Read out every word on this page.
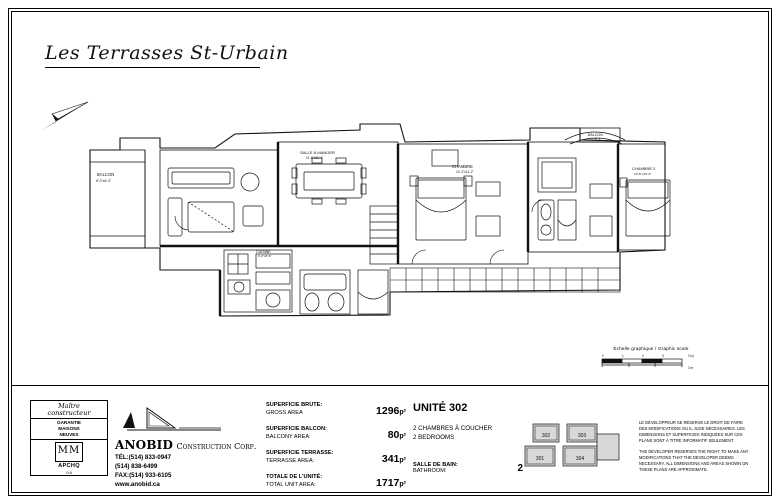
Les Terrasses St-Urbain
BALCON
6'-0"x6'-4"
SALLE À MANGER
11'-6"x11'-4"
CHAMBRE
14'-2"x11'-2"
CHAMBRE 2
10'-6"x10'-4"
BALCON
6'-0"x6'-4"
CUISINE
9'-0"x8'-6"
Échelle graphique / Graphic scale
0	1	2	3	10 p
3 m
Maître
constructeur
GARANTIE
MAISONS
NEUVES
MM
APCHQ
0.8
ANOBID Construction Corp.
TÉL:(514) 833-0947
(514) 838-6499
FAX:(514) 933-6105
www.anobid.ca
SUPERFICIE BRUTE:
GROSS AREA	1296p²
SUPERFICIE BALCON:
BALCONY AREA:	80p²
SUPERFICIE TERRASSE:
TERRASSE AREA:	341p²
TOTALE DE L'UNITÉ:
TOTAL UNIT AREA:	1717p²
UNITÉ 302
2 CHAMBRES À COUCHER
2 BEDROOMS
SALLE DE BAIN:
BATHROOM:	2
302	303
301	304
LE DÉVELOPPEUR SE RÉSERVE LE DROIT DE FAIRE DES MODIFICATIONS OU IL JUGE NÉCESSAIRES. LES DIMENSIONS ET SUPERFICIES INDIQUÉES SUR CES PLANS SONT À TITRE INFORMATIF SEULEMENT.
THE DEVELOPER RESERVES THE RIGHT TO MAKE ANY MODIFICATIONS THAT THE DEVELOPER DEEMS NECESSARY. ALL DIMENSIONS AND AREAS SHOWN ON THESE PLANS ARE APPROXIMATE.
